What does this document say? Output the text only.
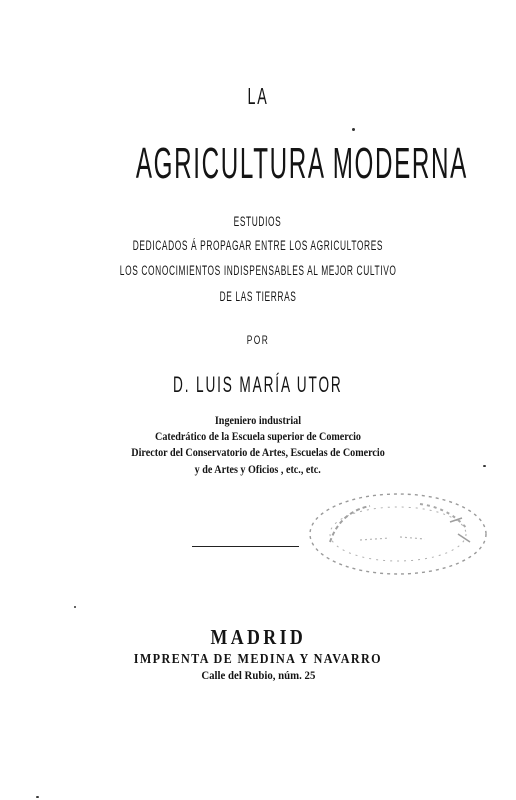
LA
AGRICULTURA MODERNA
ESTUDIOS
DEDICADOS Á PROPAGAR ENTRE LOS AGRICULTORES
LOS CONOCIMIENTOS INDISPENSABLES AL MEJOR CULTIVO
DE LAS TIERRAS
POR
D. LUIS MARÍA UTOR
Ingeniero industrial
Catedrático de la Escuela superior de Comercio
Director del Conservatorio de Artes, Escuelas de Comercio
y de Artes y Oficios , etc., etc.
MADRID
IMPRENTA DE MEDINA Y NAVARRO
Calle del Rubio, núm. 25
